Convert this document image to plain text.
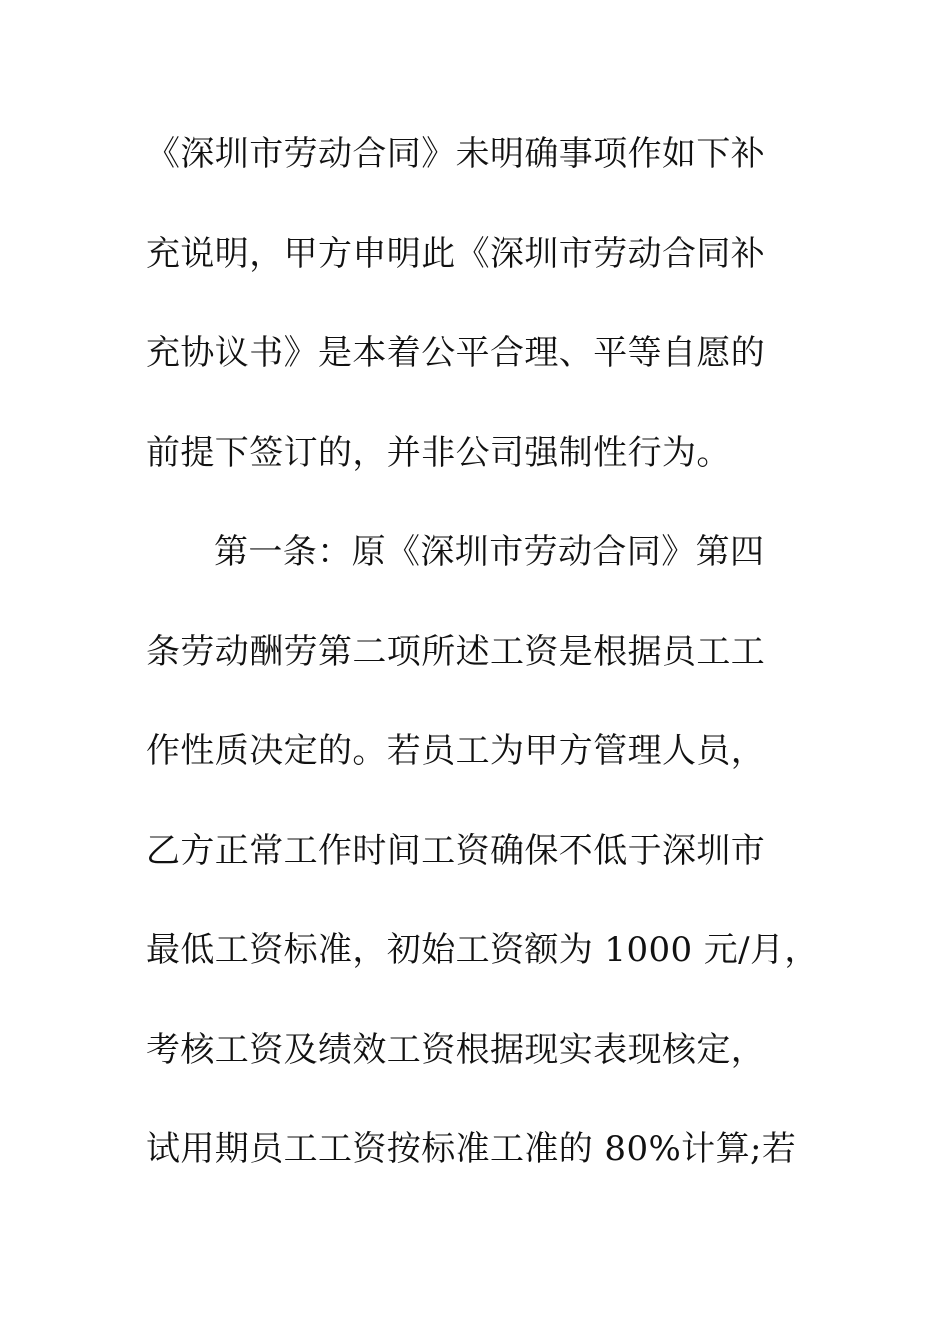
《深圳市劳动合同》未明确事项作如下补
充说明，甲方申明此《深圳市劳动合同补
充协议书》是本着公平合理、平等自愿的
前提下签订的，并非公司强制性行为。
第一条：原《深圳市劳动合同》第四
条劳动酬劳第二项所述工资是根据员工工
作性质决定的。若员工为甲方管理人员，
乙方正常工作时间工资确保不低于深圳市
最低工资标准，初始工资额为 1000 元/月，
考核工资及绩效工资根据现实表现核定，
试用期员工工资按标准工准的 80%计算;若
